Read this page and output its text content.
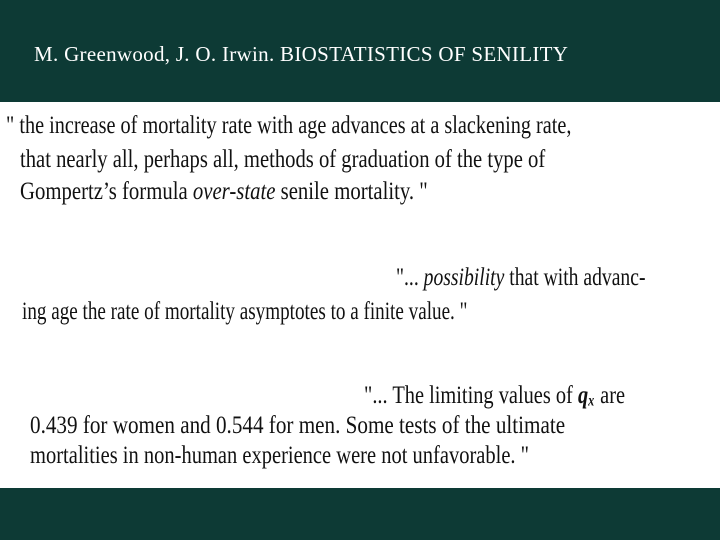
M. Greenwood, J. O. Irwin. BIOSTATISTICS OF SENILITY
" the increase of mortality rate with age advances at a slackening rate,
that nearly all, perhaps all, methods of graduation of the type of
Gompertz’s formula over-state senile mortality. "
"... possibility that with advanc-
ing age the rate of mortality asymptotes to a finite value. "
"... The limiting values of qₓ are
0.439 for women and 0.544 for men. Some tests of the ultimate
mortalities in non-human experience were not unfavorable. "
